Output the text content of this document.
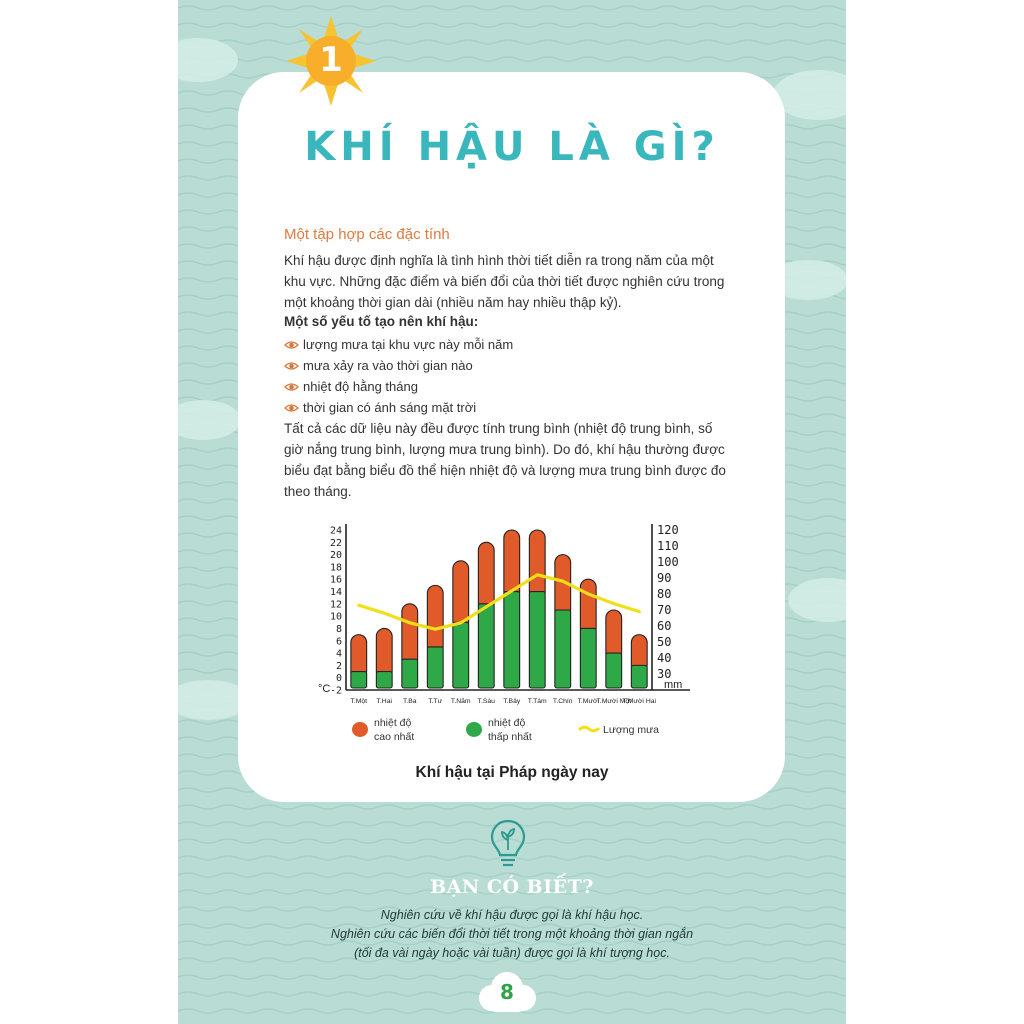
1
KHÍ HẬU LÀ GÌ?
Một tập hợp các đặc tính
Khí hậu được định nghĩa là tình hình thời tiết diễn ra trong năm của một
khu vực. Những đặc điểm và biến đổi của thời tiết được nghiên cứu trong
một khoảng thời gian dài (nhiều năm hay nhiều thập kỷ).
Một số yếu tố tạo nên khí hậu:
lượng mưa tại khu vực này mỗi năm
mưa xảy ra vào thời gian nào
nhiệt độ hằng tháng
thời gian có ánh sáng mặt trời
Tất cả các dữ liệu này đều được tính trung bình (nhiệt độ trung bình, số
giờ nắng trung bình, lượng mưa trung bình). Do đó, khí hậu thường được
biểu đạt bằng biểu đồ thể hiện nhiệt độ và lượng mưa trung bình được đo
theo tháng.
-2
0
2
4
6
8
10
12
14
16
18
20
22
24
30
40
50
60
70
80
90
100
110
120
°C	mm
T.Một T.Hai T.Ba T.Tư T.Năm T.Sáu T.Bảy T.Tám T.Chín T.Mười
T.Mười Một
T.Mười Hai
nhiệt độ
cao nhất
nhiệt độ
thấp nhất
Lượng mưa
Khí hậu tại Pháp ngày nay
BẠN CÓ BIẾT?
Nghiên cứu về khí hậu được gọi là khí hậu học.
Nghiên cứu các biến đổi thời tiết trong một khoảng thời gian ngắn
(tối đa vài ngày hoặc vài tuần) được gọi là khí tượng học.
8
